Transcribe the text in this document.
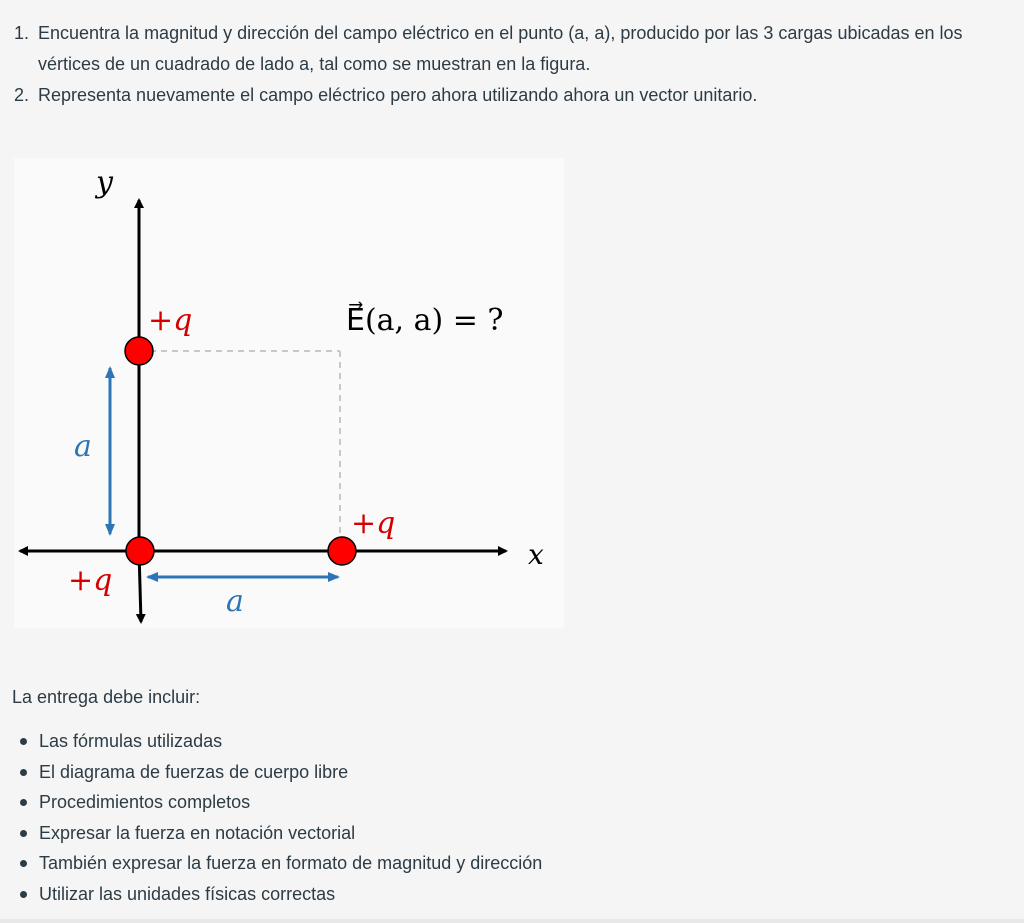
1. Encuentra la magnitud y dirección del campo eléctrico en el punto (a, a), producido por las 3 cargas ubicadas en los vértices de un cuadrado de lado a, tal como se muestran en la figura.
2. Representa nuevamente el campo eléctrico pero ahora utilizando ahora un vector unitario.
y
x
+q
+q
+q
a
a
E⃗(a, a) = ?

La entrega debe incluir:

Las fórmulas utilizadas
El diagrama de fuerzas de cuerpo libre
Procedimientos completos
Expresar la fuerza en notación vectorial
También expresar la fuerza en formato de magnitud y dirección
Utilizar las unidades físicas correctas
